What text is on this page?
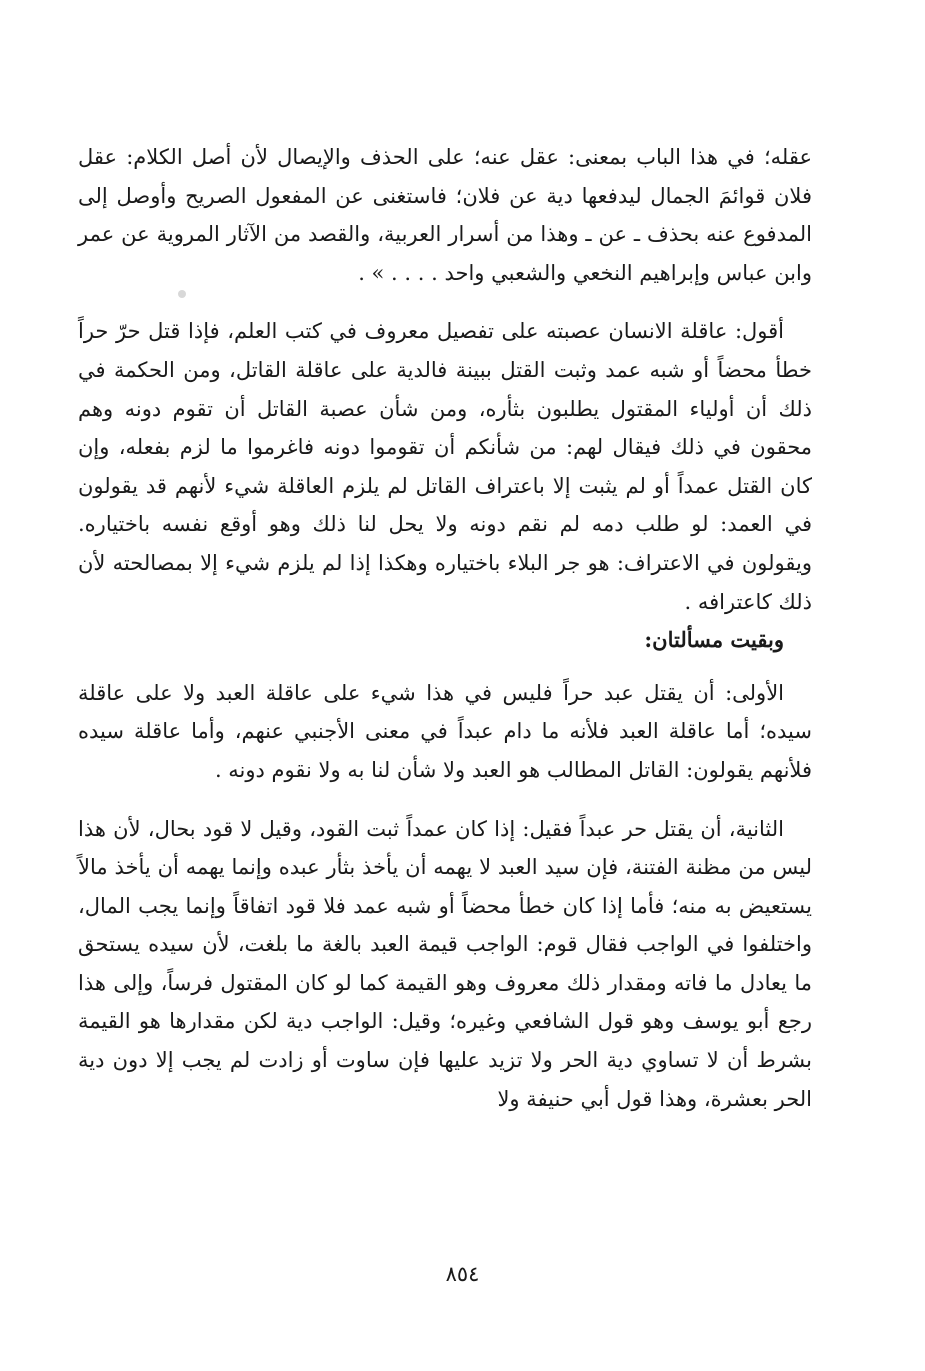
عقله؛ في هذا الباب بمعنى: عقل عنه؛ على الحذف والإيصال لأن أصل الكلام: عقل فلان قوائمَ الجمال ليدفعها دية عن فلان؛ فاستغنى عن المفعول الصريح وأوصل إلى المدفوع عنه بحذف ـ عن ـ وهذا من أسرار العربية، والقصد من الآثار المروية عن عمر وابن عباس وإبراهيم النخعي والشعبي واحد . . . . » .

أقول: عاقلة الانسان عصبته على تفصيل معروف في كتب العلم، فإذا قتل حرّ حراً خطأ محضاً أو شبه عمد وثبت القتل ببينة فالدية على عاقلة القاتل، ومن الحكمة في ذلك أن أولياء المقتول يطلبون بثأره، ومن شأن عصبة القاتل أن تقوم دونه وهم محقون في ذلك فيقال لهم: من شأنكم أن تقوموا دونه فاغرموا ما لزم بفعله، وإن كان القتل عمداً أو لم يثبت إلا باعتراف القاتل لم يلزم العاقلة شيء لأنهم قد يقولون في العمد: لو طلب دمه لم نقم دونه ولا يحل لنا ذلك وهو أوقع نفسه باختياره. ويقولون في الاعتراف: هو جر البلاء باختياره وهكذا إذا لم يلزم شيء إلا بمصالحته لأن ذلك كاعترافه .

وبقيت مسألتان:

الأولى: أن يقتل عبد حراً فليس في هذا شيء على عاقلة العبد ولا على عاقلة سيده؛ أما عاقلة العبد فلأنه ما دام عبداً في معنى الأجنبي عنهم، وأما عاقلة سيده فلأنهم يقولون: القاتل المطالب هو العبد ولا شأن لنا به ولا نقوم دونه .

الثانية، أن يقتل حر عبداً فقيل: إذا كان عمداً ثبت القود، وقيل لا قود بحال، لأن هذا ليس من مظنة الفتنة، فإن سيد العبد لا يهمه أن يأخذ بثأر عبده وإنما يهمه أن يأخذ مالاً يستعيض به منه؛ فأما إذا كان خطأ محضاً أو شبه عمد فلا قود اتفاقاً وإنما يجب المال، واختلفوا في الواجب فقال قوم: الواجب قيمة العبد بالغة ما بلغت، لأن سيده يستحق ما يعادل ما فاته ومقدار ذلك معروف وهو القيمة كما لو كان المقتول فرساً، وإلى هذا رجع أبو يوسف وهو قول الشافعي وغيره؛ وقيل: الواجب دية لكن مقدارها هو القيمة بشرط أن لا تساوي دية الحر ولا تزيد عليها فإن ساوت أو زادت لم يجب إلا دون دية الحر بعشرة، وهذا قول أبي حنيفة ولا

٨٥٤
